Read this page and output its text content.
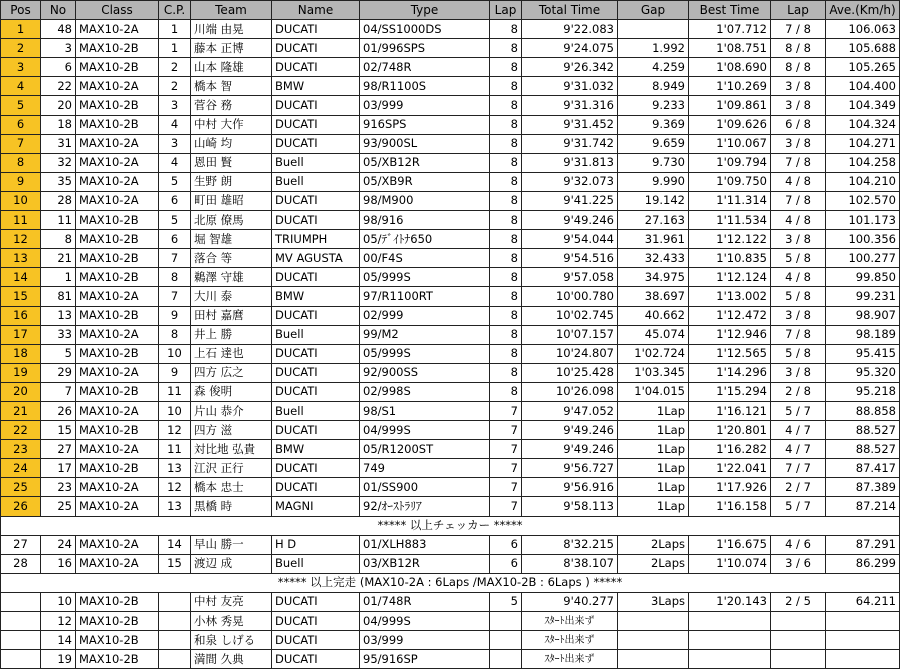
Pos	No	Class	C.P.	Team	Name	Type	Lap	Total Time	Gap	Best Time	Lap	Ave.(Km/h)
1	48	MAX10-2A	1	川端 由晃	DUCATI	04/SS1000DS	8	9'22.083		1'07.712	7 / 8	106.063
2	3	MAX10-2B	1	藤本 正博	DUCATI	01/996SPS	8	9'24.075	1.992	1'08.751	8 / 8	105.688
3	6	MAX10-2B	2	山本 隆雄	DUCATI	02/748R	8	9'26.342	4.259	1'08.690	8 / 8	105.265
4	22	MAX10-2A	2	橋本 智	BMW	98/R1100S	8	9'31.032	8.949	1'10.269	3 / 8	104.400
5	20	MAX10-2B	3	菅谷 務	DUCATI	03/999	8	9'31.316	9.233	1'09.861	3 / 8	104.349
6	18	MAX10-2B	4	中村 大作	DUCATI	916SPS	8	9'31.452	9.369	1'09.626	6 / 8	104.324
7	31	MAX10-2A	3	山崎 均	DUCATI	93/900SL	8	9'31.742	9.659	1'10.067	3 / 8	104.271
8	32	MAX10-2A	4	恩田 賢	Buell	05/XB12R	8	9'31.813	9.730	1'09.794	7 / 8	104.258
9	35	MAX10-2A	5	生野 朗	Buell	05/XB9R	8	9'32.073	9.990	1'09.750	4 / 8	104.210
10	28	MAX10-2A	6	町田 雄昭	DUCATI	98/M900	8	9'41.225	19.142	1'11.314	7 / 8	102.570
11	11	MAX10-2B	5	北原 僚馬	DUCATI	98/916	8	9'49.246	27.163	1'11.534	4 / 8	101.173
12	8	MAX10-2B	6	堀 智雄	TRIUMPH	05/ﾃﾞｲﾄﾅ650	8	9'54.044	31.961	1'12.122	3 / 8	100.356
13	21	MAX10-2B	7	落合 等	MV AGUSTA	00/F4S	8	9'54.516	32.433	1'10.835	5 / 8	100.277
14	1	MAX10-2B	8	鵜澤 守雄	DUCATI	05/999S	8	9'57.058	34.975	1'12.124	4 / 8	99.850
15	81	MAX10-2A	7	大川 泰	BMW	97/R1100RT	8	10'00.780	38.697	1'13.002	5 / 8	99.231
16	13	MAX10-2B	9	田村 嘉麿	DUCATI	02/999	8	10'02.745	40.662	1'12.472	3 / 8	98.907
17	33	MAX10-2A	8	井上 勝	Buell	99/M2	8	10'07.157	45.074	1'12.946	7 / 8	98.189
18	5	MAX10-2B	10	上石 達也	DUCATI	05/999S	8	10'24.807	1'02.724	1'12.565	5 / 8	95.415
19	29	MAX10-2A	9	四方 広之	DUCATI	92/900SS	8	10'25.428	1'03.345	1'14.296	3 / 8	95.320
20	7	MAX10-2B	11	森 俊明	DUCATI	02/998S	8	10'26.098	1'04.015	1'15.294	2 / 8	95.218
21	26	MAX10-2A	10	片山 恭介	Buell	98/S1	7	9'47.052	1Lap	1'16.121	5 / 7	88.858
22	15	MAX10-2B	12	四方 滋	DUCATI	04/999S	7	9'49.246	1Lap	1'20.801	4 / 7	88.527
23	27	MAX10-2A	11	対比地 弘貴	BMW	05/R1200ST	7	9'49.246	1Lap	1'16.282	4 / 7	88.527
24	17	MAX10-2B	13	江沢 正行	DUCATI	749	7	9'56.727	1Lap	1'22.041	7 / 7	87.417
25	23	MAX10-2A	12	橋本 忠士	DUCATI	01/SS900	7	9'56.916	1Lap	1'17.926	2 / 7	87.389
26	25	MAX10-2A	13	黒橋 時	MAGNI	92/ｵｰｽﾄﾗﾘｱ	7	9'58.113	1Lap	1'16.158	5 / 7	87.214
***** 以上チェッカー *****												
27	24	MAX10-2A	14	早山 勝一	H D	01/XLH883	6	8'32.215	2Laps	1'16.675	4 / 6	87.291
28	16	MAX10-2A	15	渡辺 成	Buell	03/XB12R	6	8'38.107	2Laps	1'10.074	3 / 6	86.299
***** 以上完走 (MAX10-2A : 6Laps /MAX10-2B : 6Laps ) *****												
	10	MAX10-2B		中村 友亮	DUCATI	01/748R	5	9'40.277	3Laps	1'20.143	2 / 5	64.211
	12	MAX10-2B		小林 秀晃	DUCATI	04/999S		ｽﾀｰﾄ出来ず				
	14	MAX10-2B		和泉 しげる	DUCATI	03/999		ｽﾀｰﾄ出来ず				
	19	MAX10-2B		満間 久典	DUCATI	95/916SP		ｽﾀｰﾄ出来ず				
